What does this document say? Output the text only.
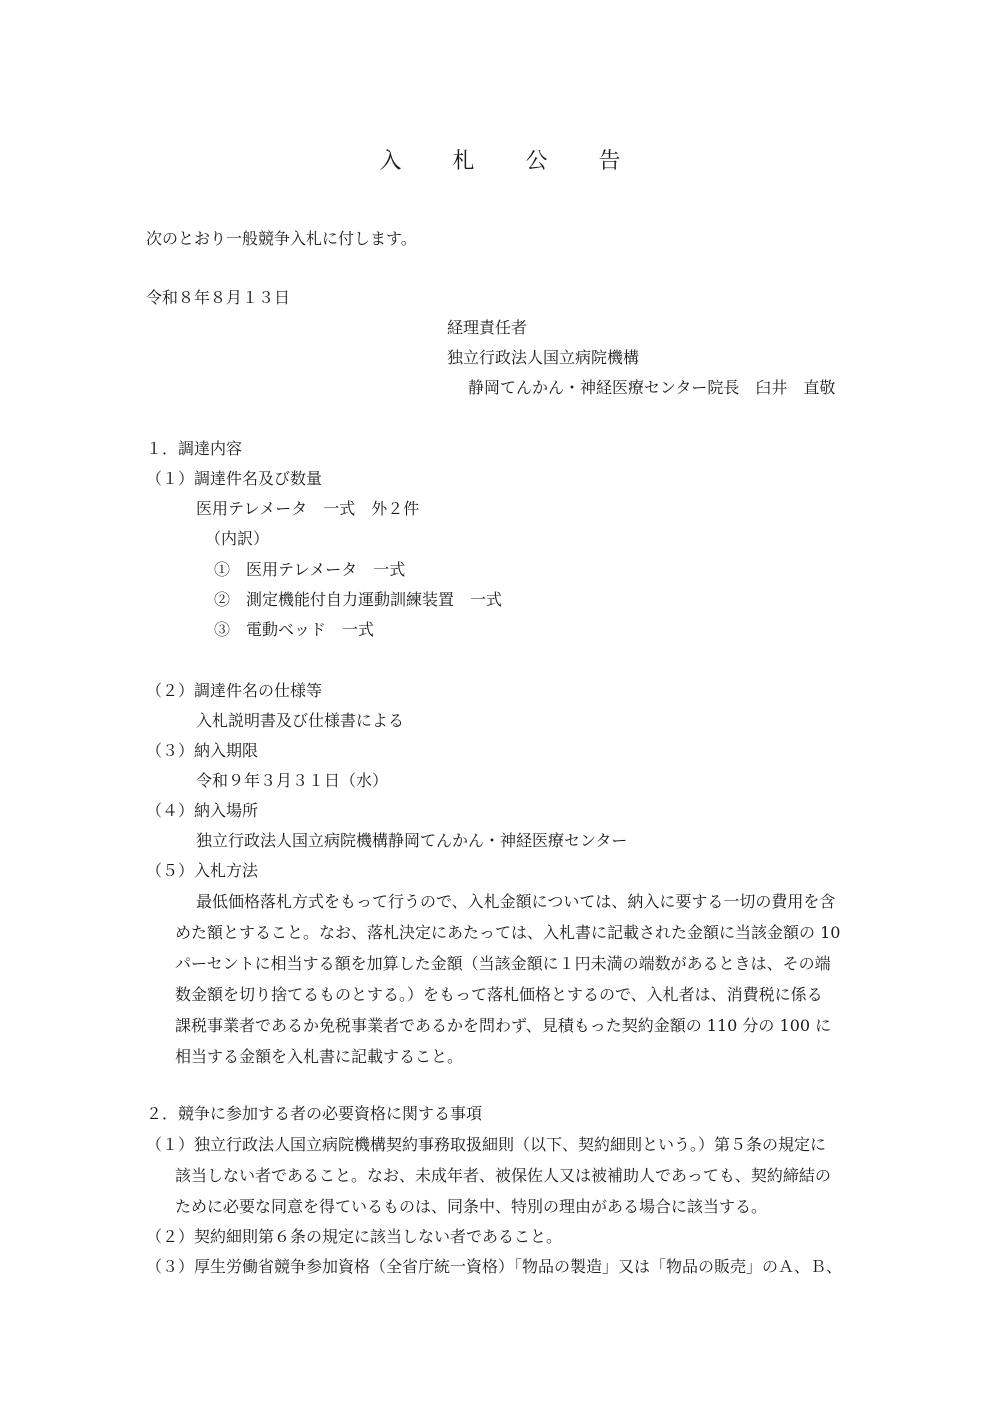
入 札 公 告
次のとおり一般競争入札に付します。
令和８年８月１３日
経理責任者
独立行政法人国立病院機構
静岡てんかん・神経医療センター院長　臼井　直敬
１．調達内容
（１）調達件名及び数量
医用テレメータ　一式　外２件
（内訳）
①　医用テレメータ　一式
②　測定機能付自力運動訓練装置　一式
③　電動ベッド　一式
（２）調達件名の仕様等
入札説明書及び仕様書による
（３）納入期限
令和９年３月３１日（水）
（４）納入場所
独立行政法人国立病院機構静岡てんかん・神経医療センター
（５）入札方法
最低価格落札方式をもって行うので、入札金額については、納入に要する一切の費用を含
めた額とすること。なお、落札決定にあたっては、入札書に記載された金額に当該金額の 10
パーセントに相当する額を加算した金額（当該金額に１円未満の端数があるときは、その端
数金額を切り捨てるものとする。）をもって落札価格とするので、入札者は、消費税に係る
課税事業者であるか免税事業者であるかを問わず、見積もった契約金額の 110 分の 100 に
相当する金額を入札書に記載すること。
２．競争に参加する者の必要資格に関する事項
（１）独立行政法人国立病院機構契約事務取扱細則（以下、契約細則という。）第５条の規定に
該当しない者であること。なお、未成年者、被保佐人又は被補助人であっても、契約締結の
ために必要な同意を得ているものは、同条中、特別の理由がある場合に該当する。
（２）契約細則第６条の規定に該当しない者であること。
（３）厚生労働省競争参加資格（全省庁統一資格）「物品の製造」又は「物品の販売」のＡ、Ｂ、
